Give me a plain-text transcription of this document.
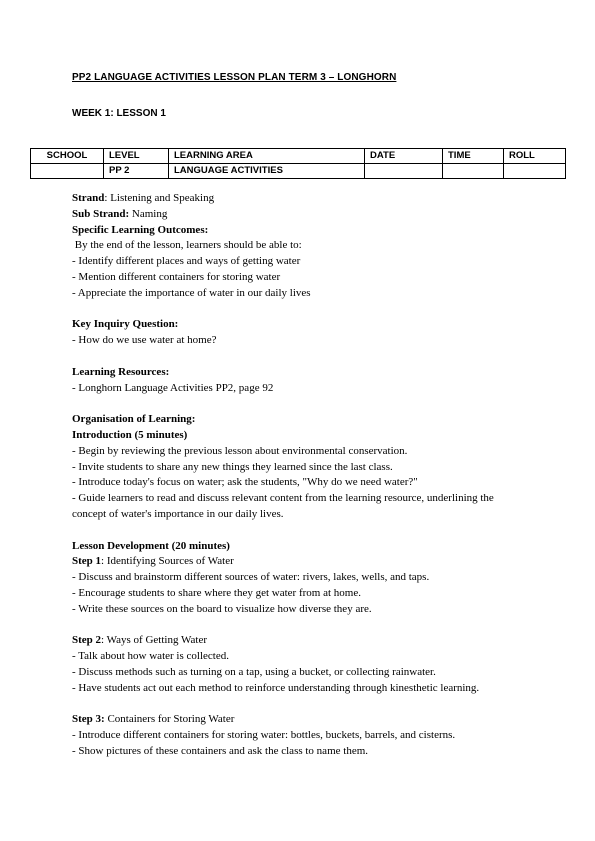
PP2 LANGUAGE ACTIVITIES LESSON PLAN TERM 3 – LONGHORN
WEEK 1: LESSON 1
SCHOOL	LEVEL	LEARNING AREA	DATE	TIME	ROLL
	PP 2	LANGUAGE ACTIVITIES			
Strand: Listening and Speaking
Sub Strand: Naming
Specific Learning Outcomes:
By the end of the lesson, learners should be able to:
- Identify different places and ways of getting water
- Mention different containers for storing water
- Appreciate the importance of water in our daily lives
Key Inquiry Question:
- How do we use water at home?
Learning Resources:
- Longhorn Language Activities PP2, page 92
Organisation of Learning:
Introduction (5 minutes)
- Begin by reviewing the previous lesson about environmental conservation.
- Invite students to share any new things they learned since the last class.
- Introduce today's focus on water; ask the students, "Why do we need water?"
- Guide learners to read and discuss relevant content from the learning resource, underlining the concept of water's importance in our daily lives.
Lesson Development (20 minutes)
Step 1: Identifying Sources of Water
- Discuss and brainstorm different sources of water: rivers, lakes, wells, and taps.
- Encourage students to share where they get water from at home.
- Write these sources on the board to visualize how diverse they are.
Step 2: Ways of Getting Water
- Talk about how water is collected.
- Discuss methods such as turning on a tap, using a bucket, or collecting rainwater.
- Have students act out each method to reinforce understanding through kinesthetic learning.
Step 3: Containers for Storing Water
- Introduce different containers for storing water: bottles, buckets, barrels, and cisterns.
- Show pictures of these containers and ask the class to name them.
